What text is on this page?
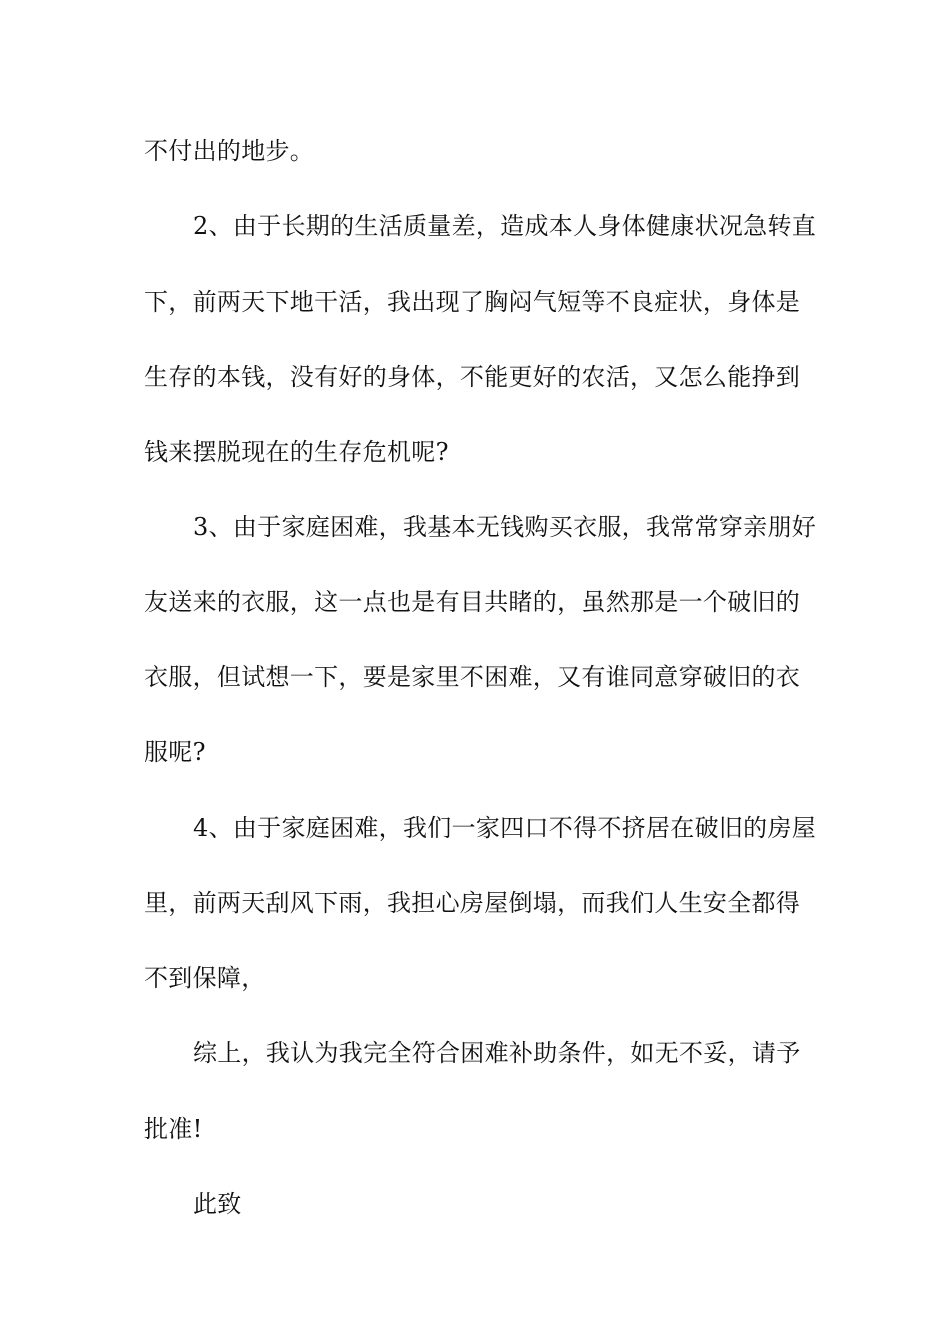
不付出的地步。
2、由于长期的生活质量差，造成本人身体健康状况急转直
下，前两天下地干活，我出现了胸闷气短等不良症状，身体是
生存的本钱，没有好的身体，不能更好的农活，又怎么能挣到
钱来摆脱现在的生存危机呢?
3、由于家庭困难，我基本无钱购买衣服，我常常穿亲朋好
友送来的衣服，这一点也是有目共睹的，虽然那是一个破旧的
衣服，但试想一下，要是家里不困难，又有谁同意穿破旧的衣
服呢?
4、由于家庭困难，我们一家四口不得不挤居在破旧的房屋
里，前两天刮风下雨，我担心房屋倒塌，而我们人生安全都得
不到保障，
综上，我认为我完全符合困难补助条件，如无不妥，请予
批准!
此致
